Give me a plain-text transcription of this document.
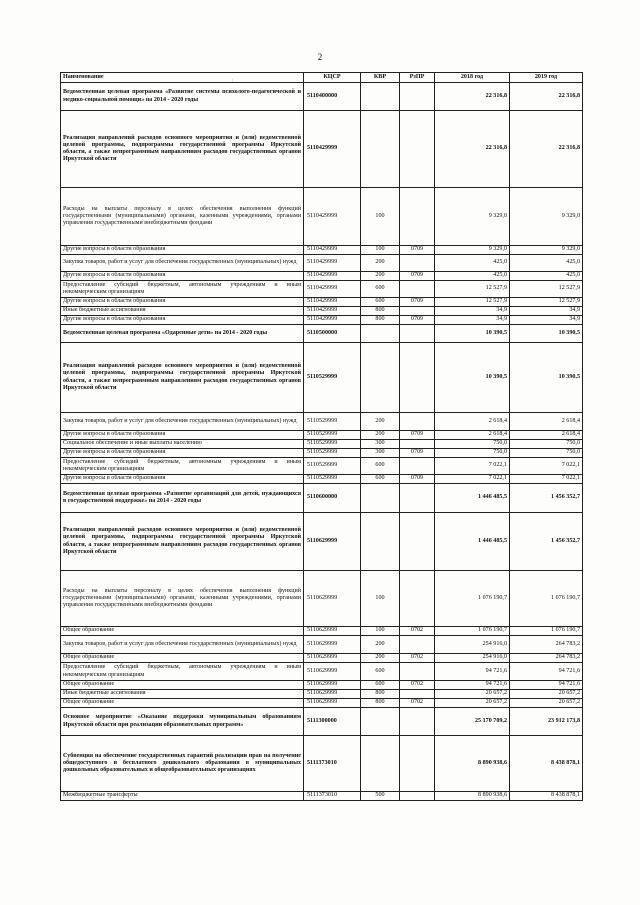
2
:
Наименование	КЦСР	КВР	РзПР	2018 год	2019 год
Ведомственная целевая программа «Развитие системы психолого-педагогической и медико-социальной помощи» на 2014 - 2020 годы	5110400000			22 316,8	22 316,8
Реализация направлений расходов основного мероприятия и (или) ведомственной целевой программы, подпрограммы государственной программы Иркутской области, а также непрограммным направлениям расходов государственных органов Иркутской области	5110429999			22 316,8	22 316,8
Расходы на выплаты персоналу в целях обеспечения выполнения функций государственными (муниципальными) органами, казенными учреждениями, органами управления государственными внебюджетными фондами	5110429999	100		9 329,0	9 329,0
Другие вопросы в области образования	5110429999	100	0709	9 329,0	9 329,0
Закупка товаров, работ и услуг для обеспечения государственных (муниципальных) нужд	5110429999	200		425,0	425,0
Другие вопросы в области образования	5110429999	200	0709	425,0	425,0
Предоставление субсидий бюджетным, автономным учреждениям и иным некоммерческим организациям	5110429999	600		12 527,9	12 527,9
Другие вопросы в области образования	5110429999	600	0709	12 527,9	12 527,9
Иные бюджетные ассигнования	5110429999	800		34,9	34,9
Другие вопросы в области образования	5110429999	800	0709	34,9	34,9
Ведомственная целевая программа «Одаренные дети» на 2014 - 2020 годы	5110500000			10 390,5	10 390,5
Реализация направлений расходов основного мероприятия и (или) ведомственной целевой программы, подпрограммы государственной программы Иркутской области, а также непрограммным направлениям расходов государственных органов Иркутской области	5110529999			10 390,5	10 390,5
Закупка товаров, работ и услуг для обеспечения государственных (муниципальных) нужд	5110529999	200		2 618,4	2 618,4
Другие вопросы в области образования	5110529999	200	0709	2 618,4	2 618,4
Социальное обеспечение и иные выплаты населению	5110529999	300		750,0	750,0
Другие вопросы в области образования	5110529999	300	0709	750,0	750,0
Предоставление субсидий бюджетным, автономным учреждениям и иным некоммерческим организациям	5110529999	600		7 022,1	7 022,1
Другие вопросы в области образования	5110529999	600	0709	7 022,1	7 022,1
Ведомственная целевая программа «Развитие организаций для детей, нуждающихся в государственной поддержке» на 2014 - 2020 годы	5110600000			1 446 485,5	1 456 352,7
Реализация направлений расходов основного мероприятия и (или) ведомственной целевой программы, подпрограммы государственной программы Иркутской области, а также непрограммным направлениям расходов государственных органов Иркутской области	5110629999			1 446 485,5	1 456 352,7
Расходы на выплаты персоналу в целях обеспечения выполнения функций государственными (муниципальными) органами, казенными учреждениями, органами управления государственными внебюджетными фондами	5110629999	100		1 076 190,7	1 076 190,7
Общее образование	5110629999	100	0702	1 076 190,7	1 076 190,7
Закупка товаров, работ и услуг для обеспечения государственных (муниципальных) нужд	5110629999	200		254 916,0	264 783,2
Общее образование	5110629999	200	0702	254 916,0	264 783,2
Предоставление субсидий бюджетным, автономным учреждениям и иным некоммерческим организациям	5110629999	600		94 721,6	94 721,6
Общее образование	5110629999	600	0702	94 721,6	94 721,6
Иные бюджетные ассигнования	5110629999	800		20 657,2	20 657,2
Общее образование	5110629999	800	0702	20 657,2	20 657,2
Основное мероприятие «Оказание поддержки муниципальным образованиям Иркутской области при реализации образовательных программ»	5111300000			25 170 709,2	23 912 173,8
Субвенция на обеспечение государственных гарантий реализации прав на получение общедоступного и бесплатного дошкольного образования в муниципальных дошкольных образовательных и общеобразовательных организациях	5111373010			8 890 938,6	8 438 878,1
Межбюджетные трансферты	5111373010	500		8 890 938,6	8 438 878,1
